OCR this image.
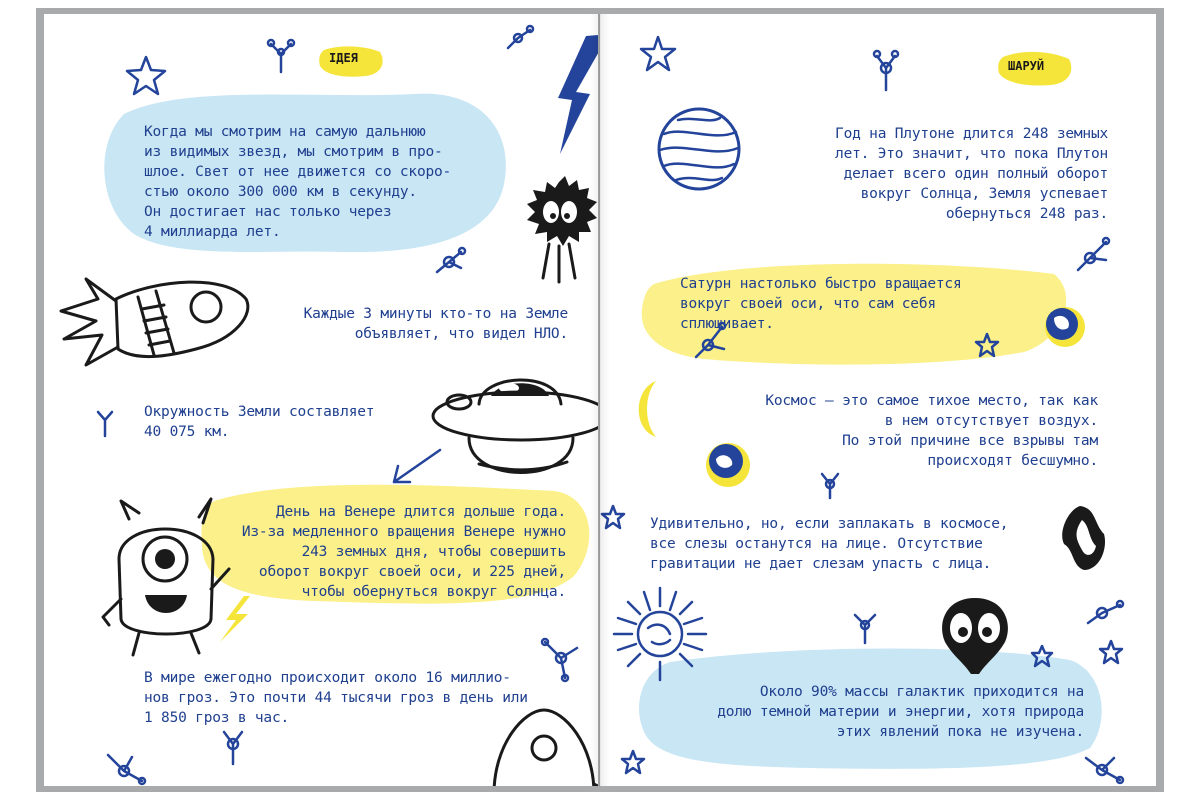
ІДЕЯ

Когда мы смотрим на самую дальнюю
из видимых звезд, мы смотрим в про-
шлое. Свет от нее движется со скоро-
стью около 300 000 км в секунду.
Он достигает нас только через
4 миллиарда лет.

Каждые 3 минуты кто-то на Земле
объявляет, что видел НЛО.

Окружность Земли составляет
40 075 км.

День на Венере длится дольше года.
Из-за медленного вращения Венере нужно
243 земных дня, чтобы совершить
оборот вокруг своей оси, и 225 дней,
чтобы обернуться вокруг Солнца.

В мире ежегодно происходит около 16 миллио-
нов гроз. Это почти 44 тысячи гроз в день или
1 850 гроз в час.

ШАРУЙ

Год на Плутоне длится 248 земных
лет. Это значит, что пока Плутон
делает всего один полный оборот
вокруг Солнца, Земля успевает
обернуться 248 раз.

Сатурн настолько быстро вращается
вокруг своей оси, что сам себя
сплющивает.

Космос — это самое тихое место, так как
в нем отсутствует воздух.
По этой причине все взрывы там
происходят бесшумно.

Удивительно, но, если заплакать в космосе,
все слезы останутся на лице. Отсутствие
гравитации не дает слезам упасть с лица.

Около 90% массы галактик приходится на
долю темной материи и энергии, хотя природа
этих явлений пока не изучена.
